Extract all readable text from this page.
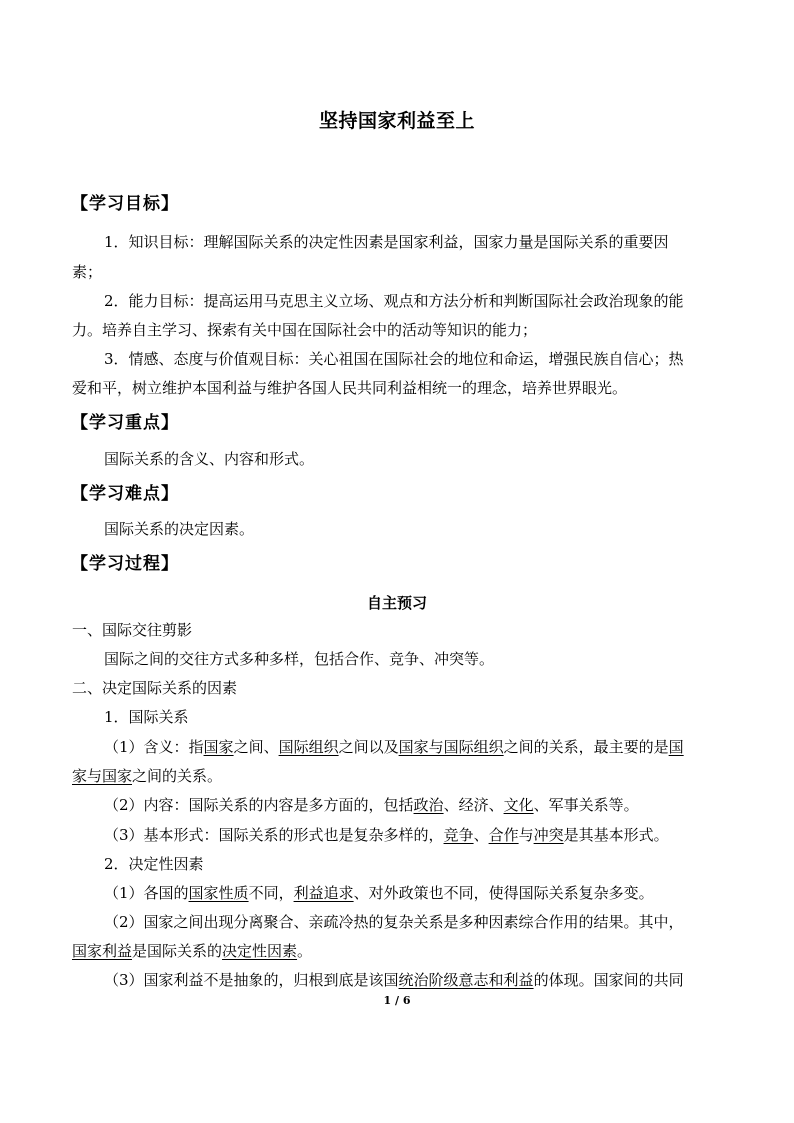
坚持国家利益至上
【学习目标】
1．知识目标：理解国际关系的决定性因素是国家利益，国家力量是国际关系的重要因
素；
2．能力目标：提高运用马克思主义立场、观点和方法分析和判断国际社会政治现象的能
力。培养自主学习、探索有关中国在国际社会中的活动等知识的能力；
3．情感、态度与价值观目标：关心祖国在国际社会的地位和命运，增强民族自信心；热
爱和平，树立维护本国利益与维护各国人民共同利益相统一的理念，培养世界眼光。
【学习重点】
国际关系的含义、内容和形式。
【学习难点】
国际关系的决定因素。
【学习过程】
自主预习
一、国际交往剪影
国际之间的交往方式多种多样，包括合作、竞争、冲突等。
二、决定国际关系的因素
1．国际关系
（1）含义：指国家之间、国际组织之间以及国家与国际组织之间的关系，最主要的是国
家与国家之间的关系。
（2）内容：国际关系的内容是多方面的，包括政治、经济、文化、军事关系等。
（3）基本形式：国际关系的形式也是复杂多样的，竞争、合作与冲突是其基本形式。
2．决定性因素
（1）各国的国家性质不同，利益追求、对外政策也不同，使得国际关系复杂多变。
（2）国家之间出现分离聚合、亲疏冷热的复杂关系是多种因素综合作用的结果。其中，
国家利益是国际关系的决定性因素。
（3）国家利益不是抽象的，归根到底是该国统治阶级意志和利益的体现。国家间的共同
1 / 6
